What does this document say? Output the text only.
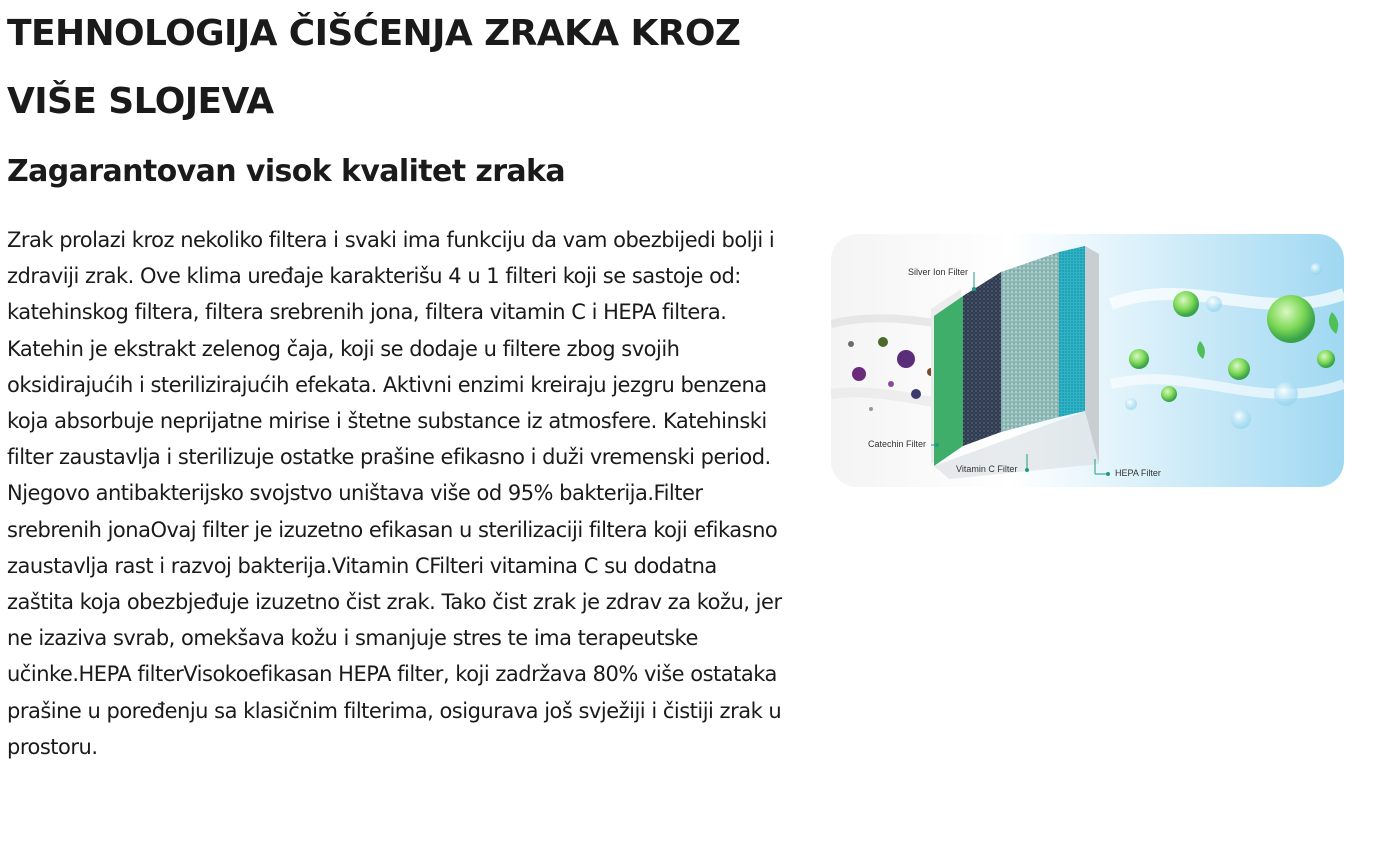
TEHNOLOGIJA ČIŠĆENJA ZRAKA KROZ VIŠE SLOJEVA
Zagarantovan visok kvalitet zraka

Zrak prolazi kroz nekoliko filtera i svaki ima funkciju da vam obezbijedi bolji i zdraviji zrak. Ove klima uređaje karakterišu 4 u 1 filteri koji se sastoje od: katehinskog filtera, filtera srebrenih jona, filtera vitamin C i HEPA filtera. Katehin je ekstrakt zelenog čaja, koji se dodaje u filtere zbog svojih oksidirajućih i sterilizirajućih efekata. Aktivni enzimi kreiraju jezgru benzena koja absorbuje neprijatne mirise i štetne substance iz atmosfere. Katehinski filter zaustavlja i sterilizuje ostatke prašine efikasno i duži vremenski period. Njegovo antibakterijsko svojstvo uništava više od 95% bakterija.Filter srebrenih jonaOvaj filter je izuzetno efikasan u sterilizaciji filtera koji efikasno zaustavlja rast i razvoj bakterija.Vitamin CFilteri vitamina C su dodatna zaštita koja obezbjeđuje izuzetno čist zrak. Tako čist zrak je zdrav za kožu, jer ne izaziva svrab, omekšava kožu i smanjuje stres te ima terapeutske učinke.HEPA filterVisokoefikasan HEPA filter, koji zadržava 80% više ostataka prašine u poređenju sa klasičnim filterima, osigurava još svježiji i čistiji zrak u prostoru.

Silver Ion Filter
Catechin Filter
Vitamin C Filter	HEPA Filter
